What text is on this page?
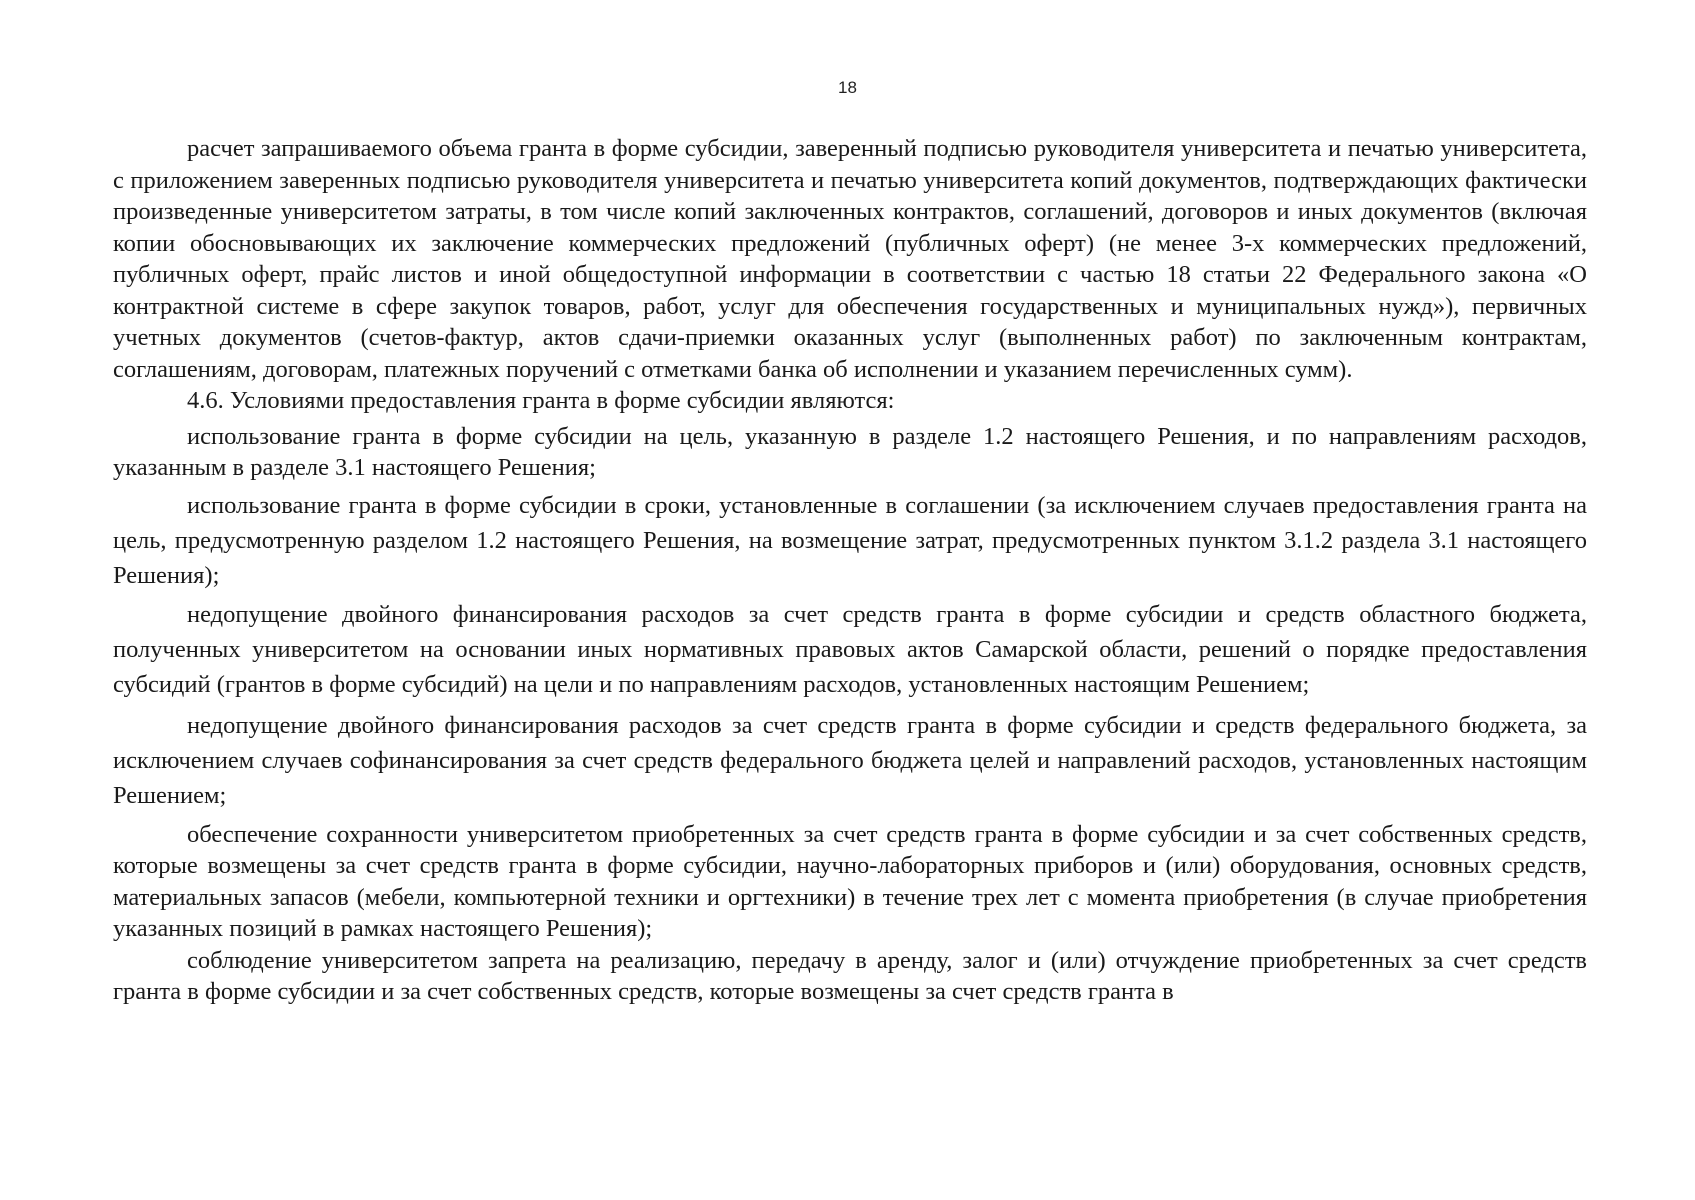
18

расчет запрашиваемого объема гранта в форме субсидии, заверенный подписью руководителя университета и печатью университета, с приложением заверенных подписью руководителя университета и печатью университета копий документов, подтверждающих фактически произведенные университетом затраты, в том числе копий заключенных контрактов, соглашений, договоров и иных документов (включая копии обосновывающих их заключение коммерческих предложений (публичных оферт) (не менее 3-х коммерческих предложений, публичных оферт, прайс листов и иной общедоступной информации в соответствии с частью 18 статьи 22 Федерального закона «О контрактной системе в сфере закупок товаров, работ, услуг для обеспечения государственных и муниципальных нужд»), первичных учетных документов (счетов-фактур, актов сдачи-приемки оказанных услуг (выполненных работ) по заключенным контрактам, соглашениям, договорам, платежных поручений с отметками банка об исполнении и указанием перечисленных сумм).

4.6. Условиями предоставления гранта в форме субсидии являются:

использование гранта в форме субсидии на цель, указанную в разделе 1.2 настоящего Решения, и по направлениям расходов, указанным в разделе 3.1 настоящего Решения;

использование гранта в форме субсидии в сроки, установленные в соглашении (за исключением случаев предоставления гранта на цель, предусмотренную разделом 1.2 настоящего Решения, на возмещение затрат, предусмотренных пунктом 3.1.2 раздела 3.1 настоящего Решения);

недопущение двойного финансирования расходов за счет средств гранта в форме субсидии и средств областного бюджета, полученных университетом на основании иных нормативных правовых актов Самарской области, решений о порядке предоставления субсидий (грантов в форме субсидий) на цели и по направлениям расходов, установленных настоящим Решением;

недопущение двойного финансирования расходов за счет средств гранта в форме субсидии и средств федерального бюджета, за исключением случаев софинансирования за счет средств федерального бюджета целей и направлений расходов, установленных настоящим Решением;

обеспечение сохранности университетом приобретенных за счет средств гранта в форме субсидии и за счет собственных средств, которые возмещены за счет средств гранта в форме субсидии, научно-лабораторных приборов и (или) оборудования, основных средств, материальных запасов (мебели, компьютерной техники и оргтехники) в течение трех лет с момента приобретения (в случае приобретения указанных позиций в рамках настоящего Решения);

соблюдение университетом запрета на реализацию, передачу в аренду, залог и (или) отчуждение приобретенных за счет средств гранта в форме субсидии и за счет собственных средств, которые возмещены за счет средств гранта в
